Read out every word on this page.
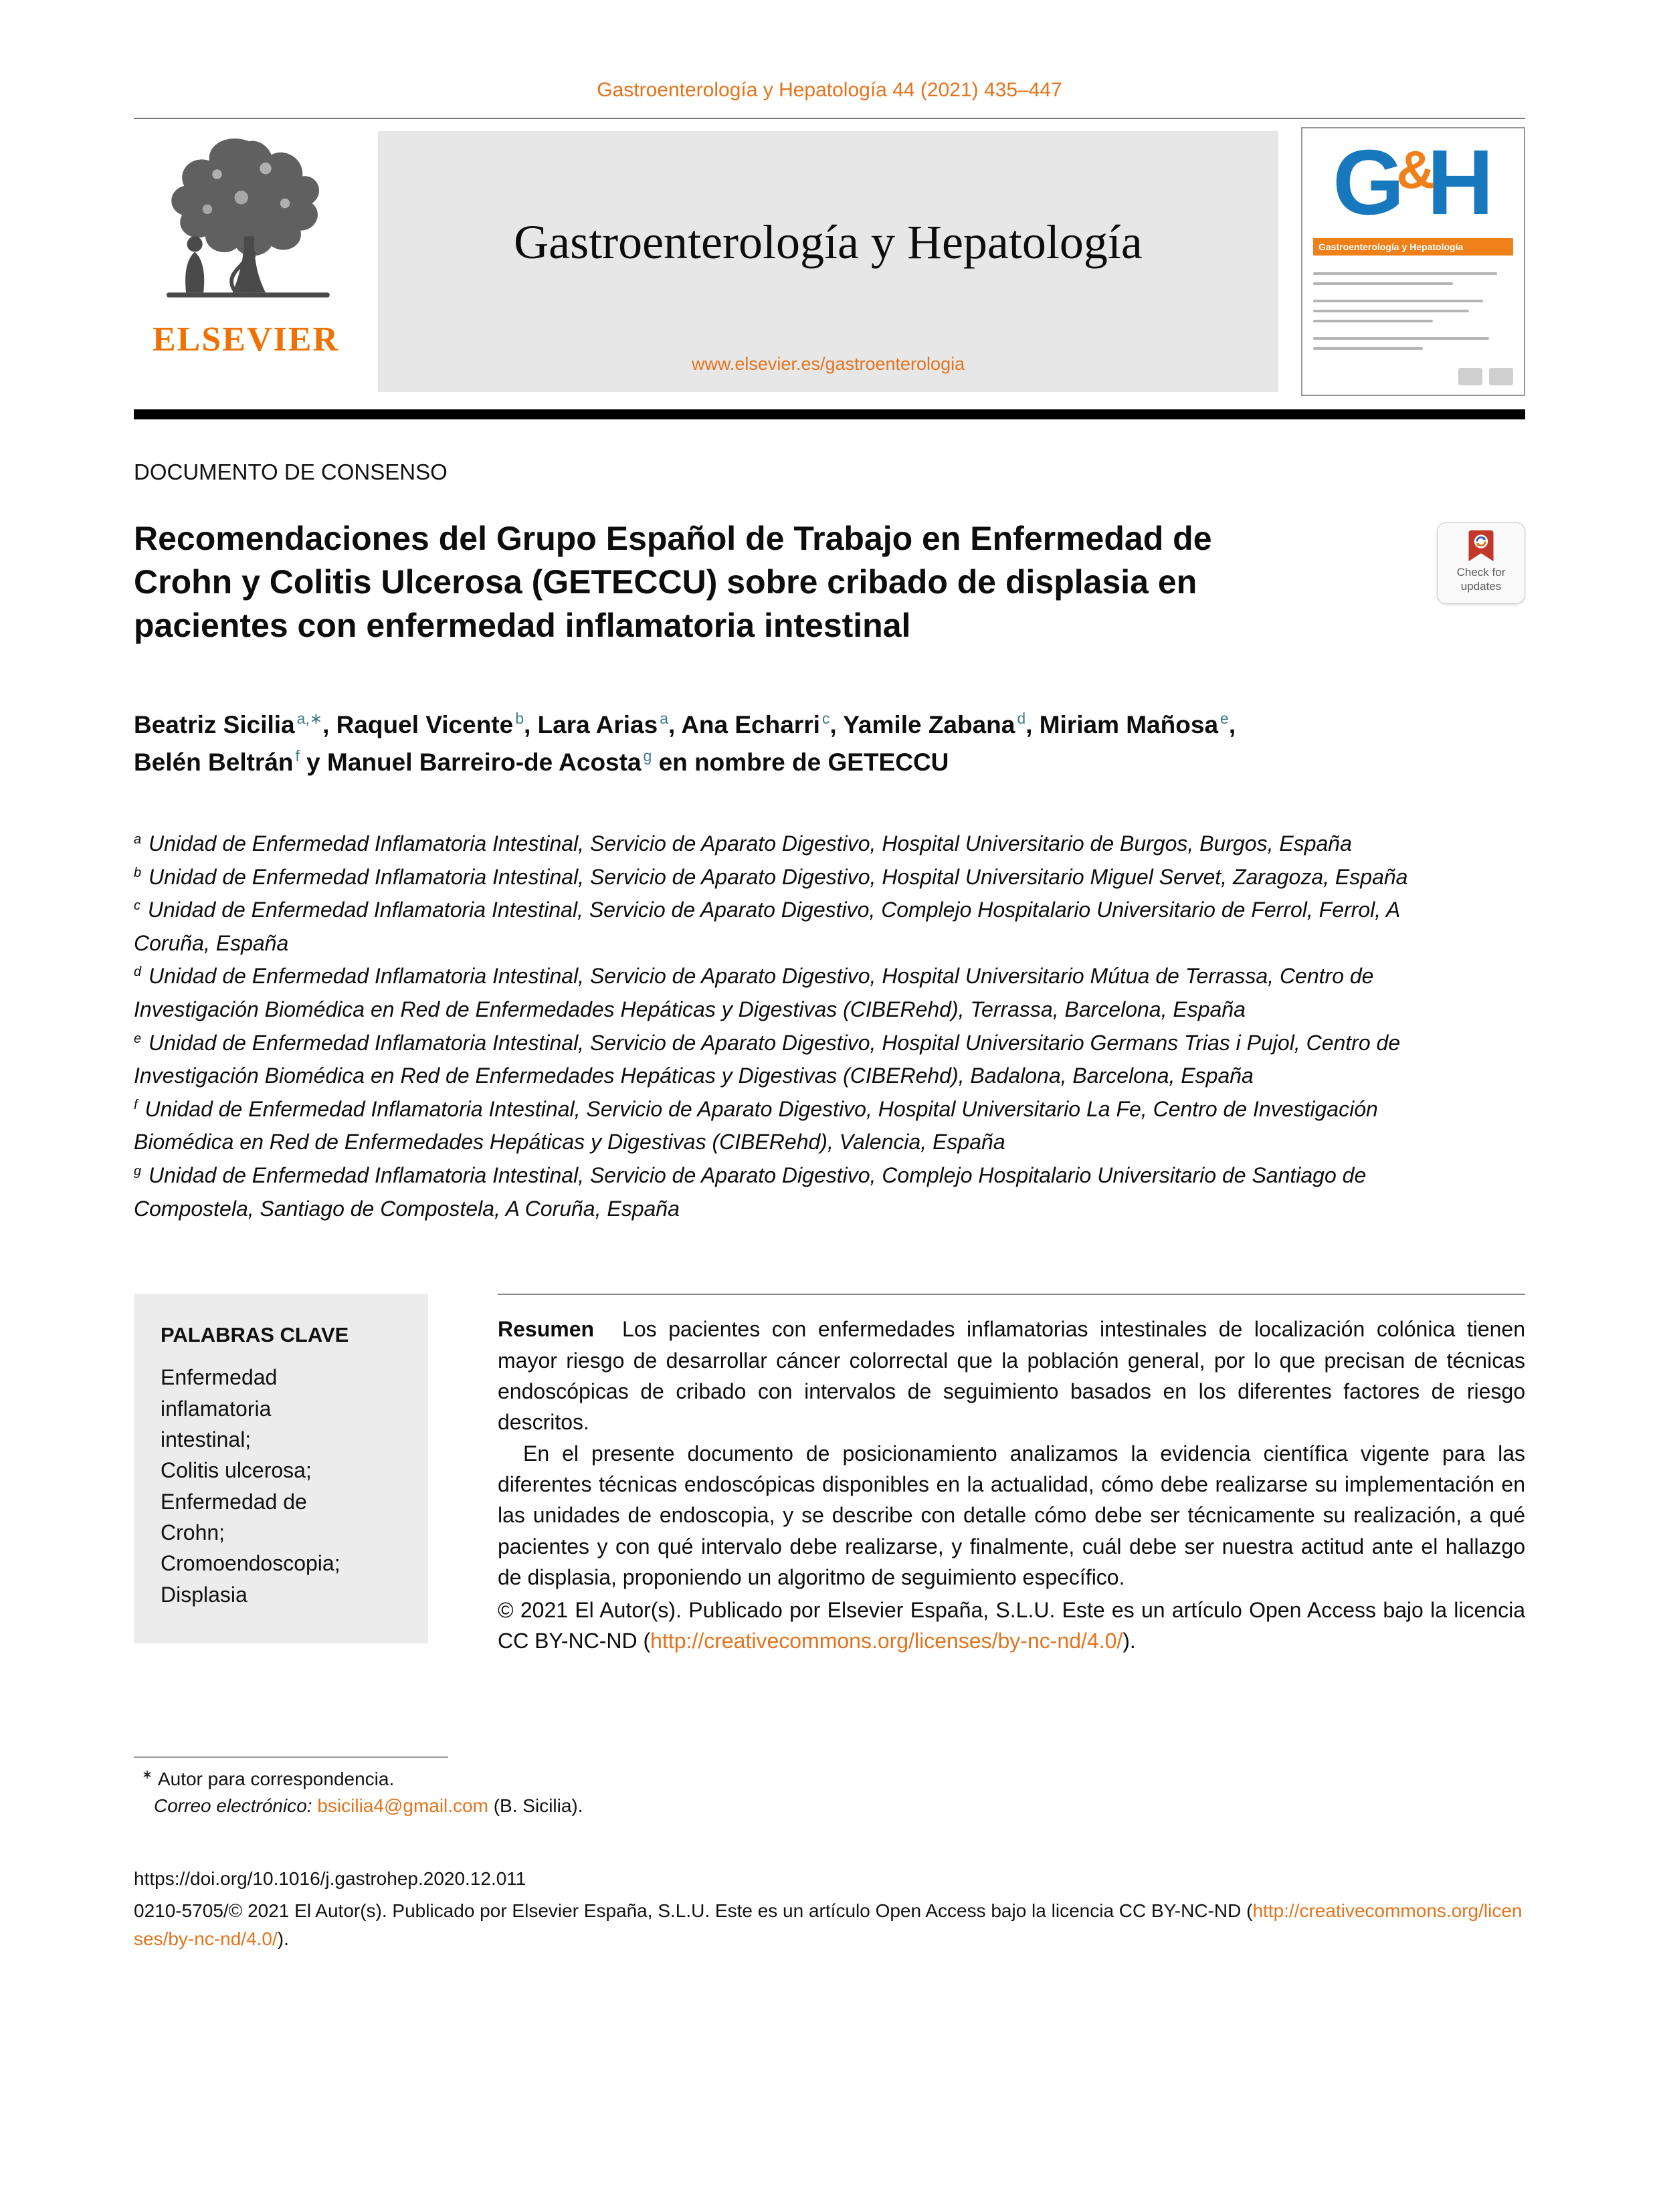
Gastroenterología y Hepatología 44 (2021) 435–447
ELSEVIER
Gastroenterología y Hepatología
www.elsevier.es/gastroenterologia
G
&
H
Gastroenterología y Hepatología
DOCUMENTO DE CONSENSO
Recomendaciones del Grupo Español de Trabajo en Enfermedad de Crohn y Colitis Ulcerosa (GETECCU) sobre cribado de displasia en pacientes con enfermedad inflamatoria intestinal
Check for
updates
Beatriz Sicilia $^{a,∗}$, Raquel Vicente $^b$, Lara Arias $^a$, Ana Echarri $^c$, Yamile Zabana $^d$, Miriam Mañosa $^e$, Belén Beltrán $^f$ y Manuel Barreiro-de Acosta $^g$ en nombre de GETECCU
$^a$ Unidad de Enfermedad Inflamatoria Intestinal, Servicio de Aparato Digestivo, Hospital Universitario de Burgos, Burgos, España
$^b$ Unidad de Enfermedad Inflamatoria Intestinal, Servicio de Aparato Digestivo, Hospital Universitario Miguel Servet, Zaragoza, España
$^c$ Unidad de Enfermedad Inflamatoria Intestinal, Servicio de Aparato Digestivo, Complejo Hospitalario Universitario de Ferrol, Ferrol, A Coruña, España
$^d$ Unidad de Enfermedad Inflamatoria Intestinal, Servicio de Aparato Digestivo, Hospital Universitario Mútua de Terrassa, Centro de Investigación Biomédica en Red de Enfermedades Hepáticas y Digestivas (CIBERehd), Terrassa, Barcelona, España
$^e$ Unidad de Enfermedad Inflamatoria Intestinal, Servicio de Aparato Digestivo, Hospital Universitario Germans Trias i Pujol, Centro de Investigación Biomédica en Red de Enfermedades Hepáticas y Digestivas (CIBERehd), Badalona, Barcelona, España
$^f$ Unidad de Enfermedad Inflamatoria Intestinal, Servicio de Aparato Digestivo, Hospital Universitario La Fe, Centro de Investigación Biomédica en Red de Enfermedades Hepáticas y Digestivas (CIBERehd), Valencia, España
$^g$ Unidad de Enfermedad Inflamatoria Intestinal, Servicio de Aparato Digestivo, Complejo Hospitalario Universitario de Santiago de Compostela, Santiago de Compostela, A Coruña, España
PALABRAS CLAVE
Enfermedad inflamatoria intestinal;
Colitis ulcerosa;
Enfermedad de Crohn;
Cromoendoscopia;
Displasia

Resumen Los pacientes con enfermedades inflamatorias intestinales de localización colónica tienen mayor riesgo de desarrollar cáncer colorrectal que la población general, por lo que precisan de técnicas endoscópicas de cribado con intervalos de seguimiento basados en los diferentes factores de riesgo descritos.

En el presente documento de posicionamiento analizamos la evidencia científica vigente para las diferentes técnicas endoscópicas disponibles en la actualidad, cómo debe realizarse su implementación en las unidades de endoscopia, y se describe con detalle cómo debe ser técnicamente su realización, a qué pacientes y con qué intervalo debe realizarse, y finalmente, cuál debe ser nuestra actitud ante el hallazgo de displasia, proponiendo un algoritmo de seguimiento específico.

© 2021 El Autor(s). Publicado por Elsevier España, S.L.U. Este es un artículo Open Access bajo la licencia CC BY-NC-ND (http://creativecommons.org/licenses/by-nc-nd/4.0/).

∗ Autor para correspondencia.
Correo electrónico: bsicilia4@gmail.com (B. Sicilia).
https://doi.org/10.1016/j.gastrohep.2020.12.011
0210-5705/© 2021 El Autor(s). Publicado por Elsevier España, S.L.U. Este es un artículo Open Access bajo la licencia CC BY-NC-ND (http://creativecommons.org/licenses/by-nc-nd/4.0/).
